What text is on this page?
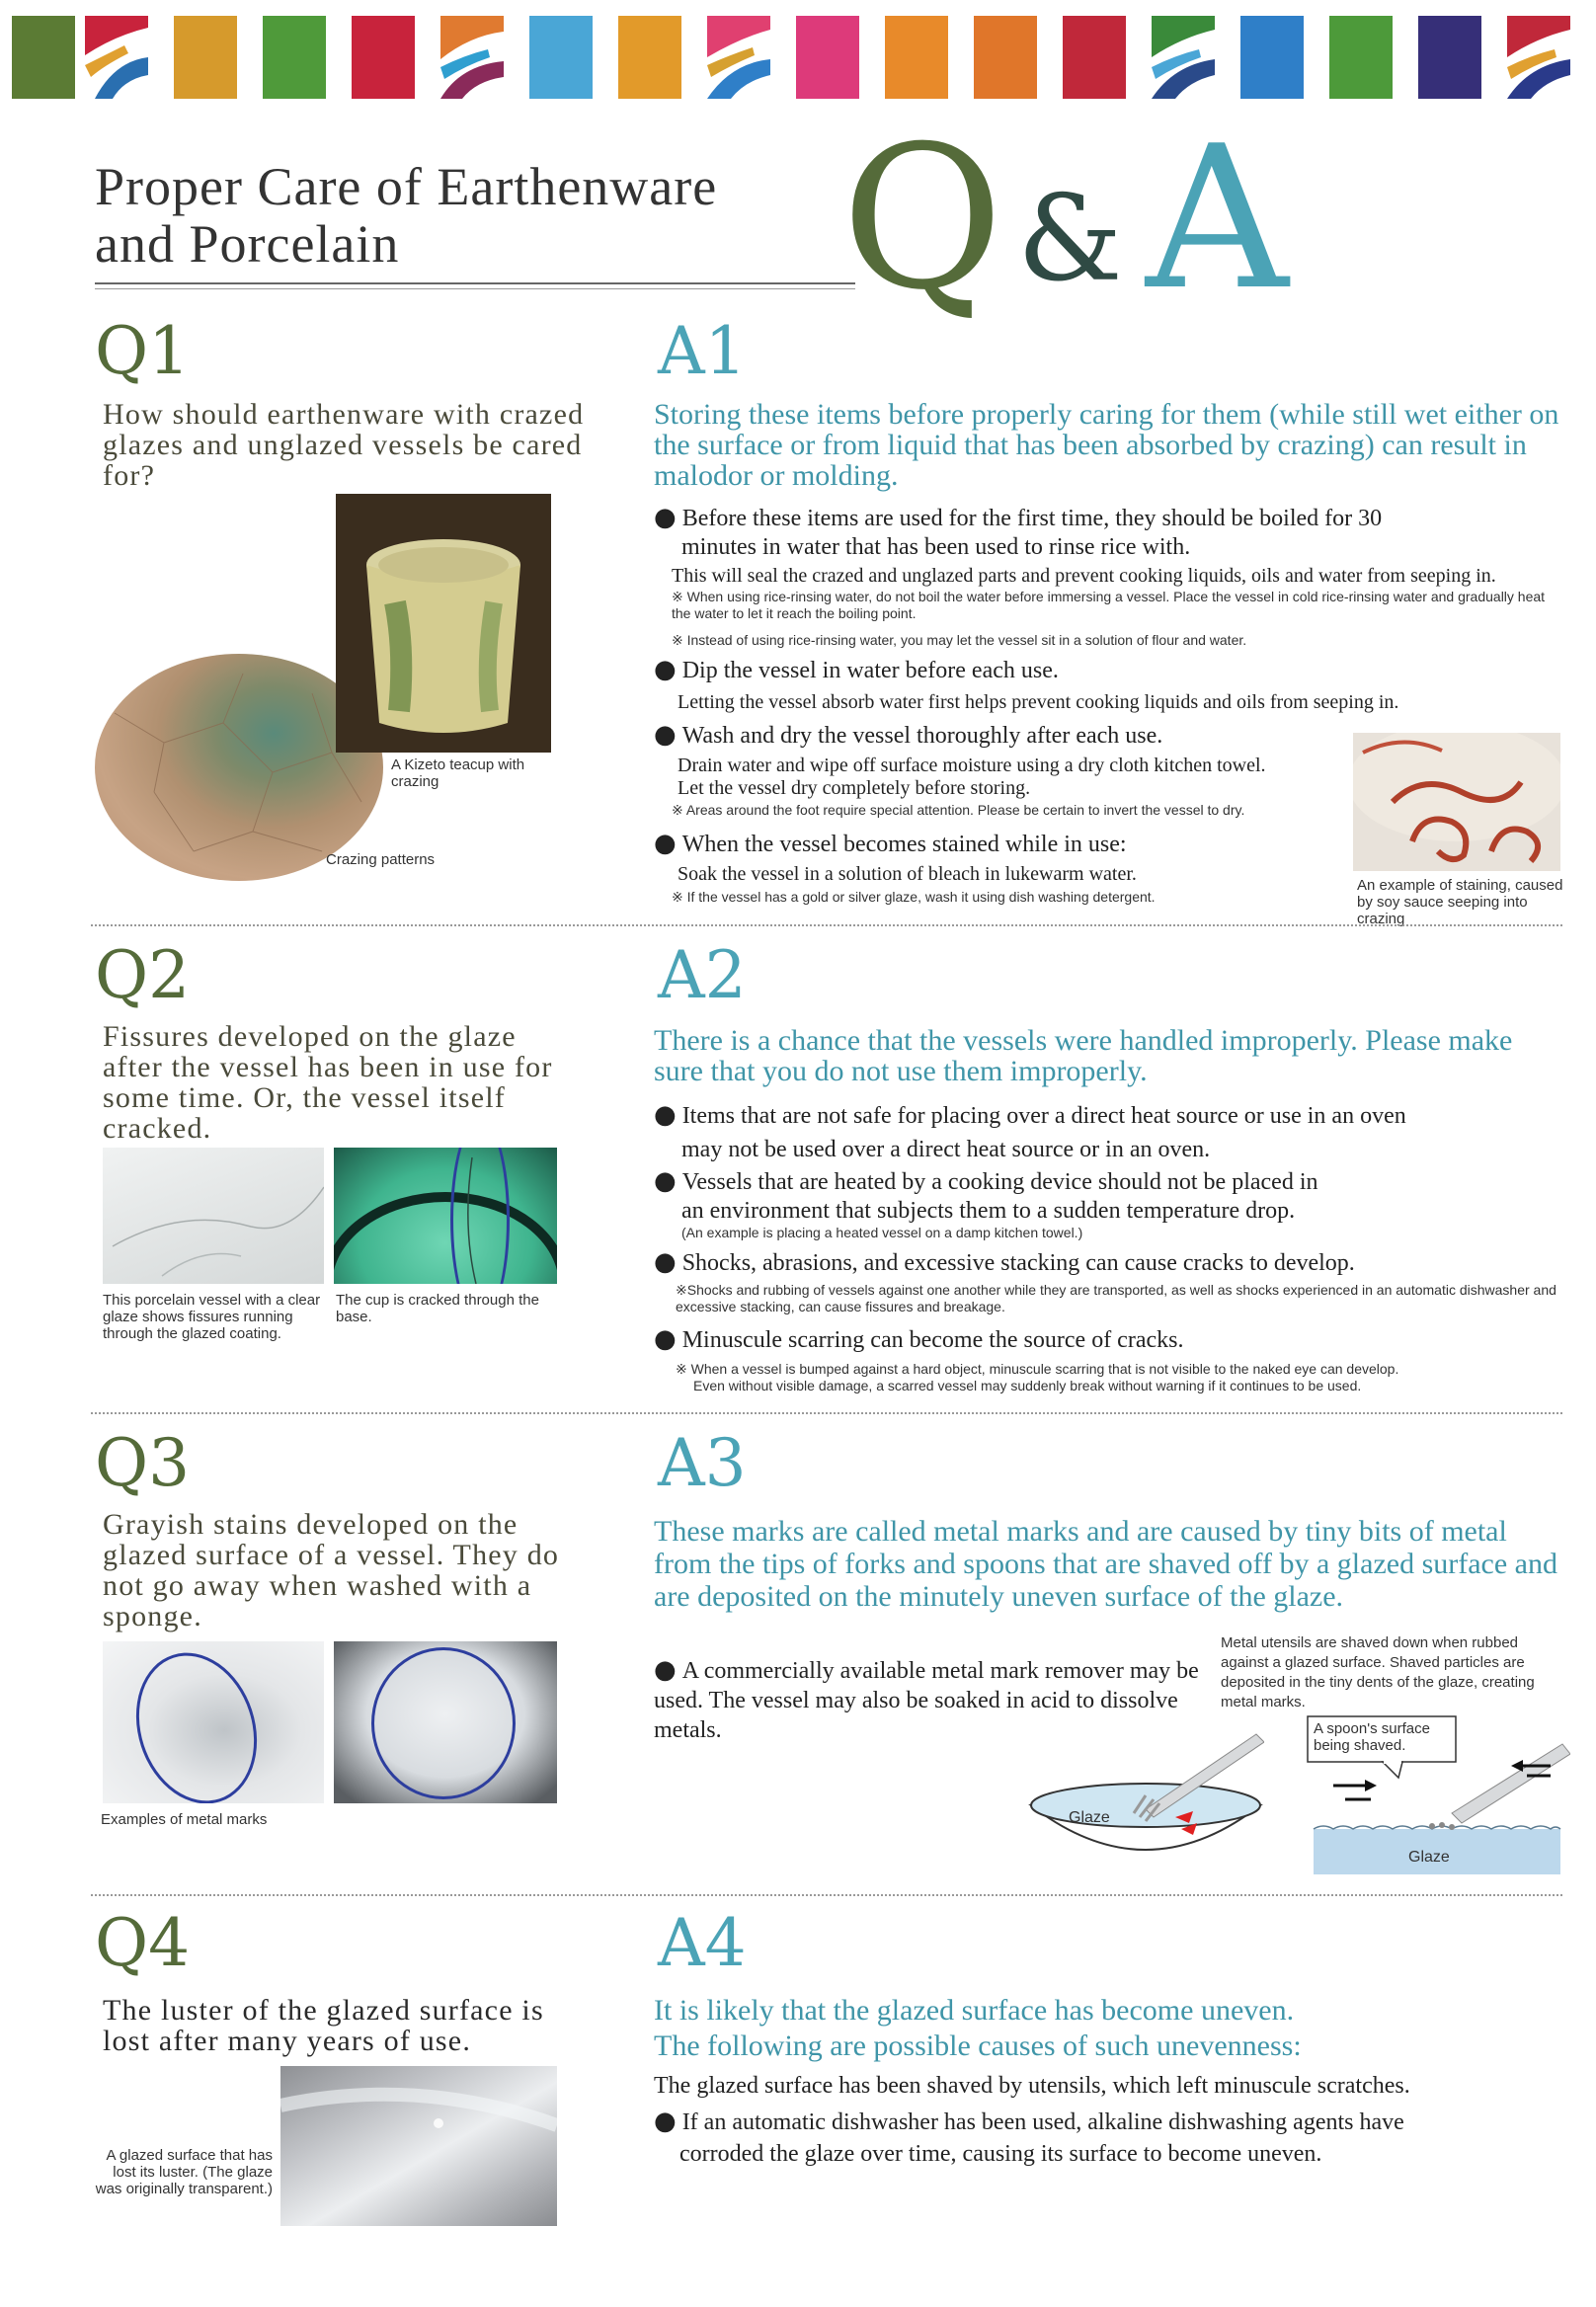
Proper Care of Earthenware
and Porcelain	Q & A
Q1
How should earthenware with crazed glazes and unglazed vessels be cared for?
A Kizeto teacup with crazing
Crazing patterns
A1
Storing these items before properly caring for them (while still wet either on the surface or from liquid that has been absorbed by crazing) can result in malodor or molding.
● Before these items are used for the first time, they should be boiled for 30
minutes in water that has been used to rinse rice with.
This will seal the crazed and unglazed parts and prevent cooking liquids, oils and water from seeping in.
※ When using rice-rinsing water, do not boil the water before immersing a vessel. Place the vessel in cold rice-rinsing water and gradually heat the water to let it reach the boiling point.
※ Instead of using rice-rinsing water, you may let the vessel sit in a solution of flour and water.
● Dip the vessel in water before each use.
Letting the vessel absorb water first helps prevent cooking liquids and oils from seeping in.
● Wash and dry the vessel thoroughly after each use.
Drain water and wipe off surface moisture using a dry cloth kitchen towel.
Let the vessel dry completely before storing.
※ Areas around the foot require special attention. Please be certain to invert the vessel to dry.
● When the vessel becomes stained while in use:
Soak the vessel in a solution of bleach in lukewarm water.
※ If the vessel has a gold or silver glaze, wash it using dish washing detergent.
An example of staining, caused by soy sauce seeping into crazing
Q2
Fissures developed on the glaze after the vessel has been in use for some time. Or, the vessel itself cracked.
This porcelain vessel with a clear glaze shows fissures running through the glazed coating.
The cup is cracked through the base.
A2
There is a chance that the vessels were handled improperly. Please make sure that you do not use them improperly.
● Items that are not safe for placing over a direct heat source or use in an oven
may not be used over a direct heat source or in an oven.
● Vessels that are heated by a cooking device should not be placed in
an environment that subjects them to a sudden temperature drop.
(An example is placing a heated vessel on a damp kitchen towel.)
● Shocks, abrasions, and excessive stacking can cause cracks to develop.
※Shocks and rubbing of vessels against one another while they are transported, as well as shocks experienced in an automatic dishwasher and excessive stacking, can cause fissures and breakage.
● Minuscule scarring can become the source of cracks.
※ When a vessel is bumped against a hard object, minuscule scarring that is not visible to the naked eye can develop.
Even without visible damage, a scarred vessel may suddenly break without warning if it continues to be used.
Q3
Grayish stains developed on the glazed surface of a vessel. They do not go away when washed with a sponge.
Examples of metal marks
A3
These marks are called metal marks and are caused by tiny bits of metal from the tips of forks and spoons that are shaved off by a glazed surface and are deposited on the minutely uneven surface of the glaze.
● A commercially available metal mark remover may be used. The vessel may also be soaked in acid to dissolve metals.
Metal utensils are shaved down when rubbed against a glazed surface. Shaved particles are deposited in the tiny dents of the glaze, creating metal marks.
Glaze
A spoon's surface being shaved.
Glaze
Q4
The luster of the glazed surface is lost after many years of use.
A glazed surface that has lost its luster. (The glaze was originally transparent.)
A4
It is likely that the glazed surface has become uneven.
The following are possible causes of such unevenness:
The glazed surface has been shaved by utensils, which left minuscule scratches.
● If an automatic dishwasher has been used, alkaline dishwashing agents have
corroded the glaze over time, causing its surface to become uneven.
